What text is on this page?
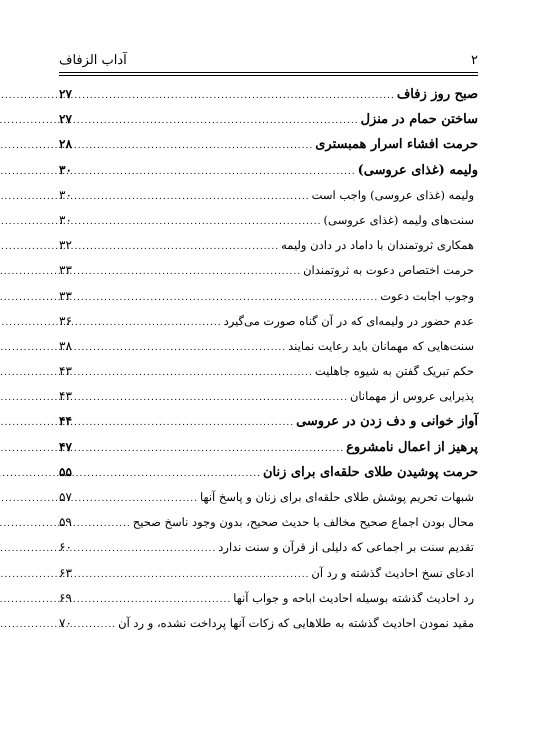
۲
آداب الزفاف
صبح روز زفاف
.....
۲۷
ساختن حمام در منزل
.....
۲۷
حرمت افشاء اسرار همبستری
.....
۲۸
ولیمه (غذای عروسی)
.....
۳۰
ولیمه (غذای عروسی) واجب است
.....
۳۰
سنت‌های ولیمه (غذای عروسی)
.....
۳۰
همکاری ثروتمندان با داماد در دادن ولیمه
.....
۳۲
حرمت اختصاص دعوت به ثروتمندان
.....
۳۳
وجوب اجابت دعوت
.....
۳۳
عدم حضور در ولیمه‌ای که در آن گناه صورت می‌گیرد
.....
۳۶
سنت‌هایی که مهمانان باید رعایت نمایند
.....
۳۸
حکم تبریک گفتن به شیوه جاهلیت
.....
۴۳
پذیرایی عروس از مهمانان
.....
۴۳
آواز خوانی و دف زدن در عروسی
.....
۴۴
پرهیز از اعمال نامشروع
.....
۴۷
حرمت پوشیدن طلای حلقه‌ای برای زنان
.....
۵۵
شبهات تحریم پوشش طلای حلقه‌ای برای زنان و پاسخ آنها
.....
۵۷
محال بودن اجماع صحیح مخالف با حدیث صحیح، بدون وجود ناسخ صحیح
.....
۵۹
تقدیم سنت بر اجماعی که دلیلی از قرآن و سنت ندارد
.....
۶۰
ادعای نسخ احادیث گذشته و رد آن
.....
۶۳
رد احادیث گذشته بوسیله احادیث اباحه و جواب آنها
.....
۶۹
مقید نمودن احادیث گذشته به طلاهایی که زکات آنها پرداخت نشده، و رد آن
.....
۷۰
